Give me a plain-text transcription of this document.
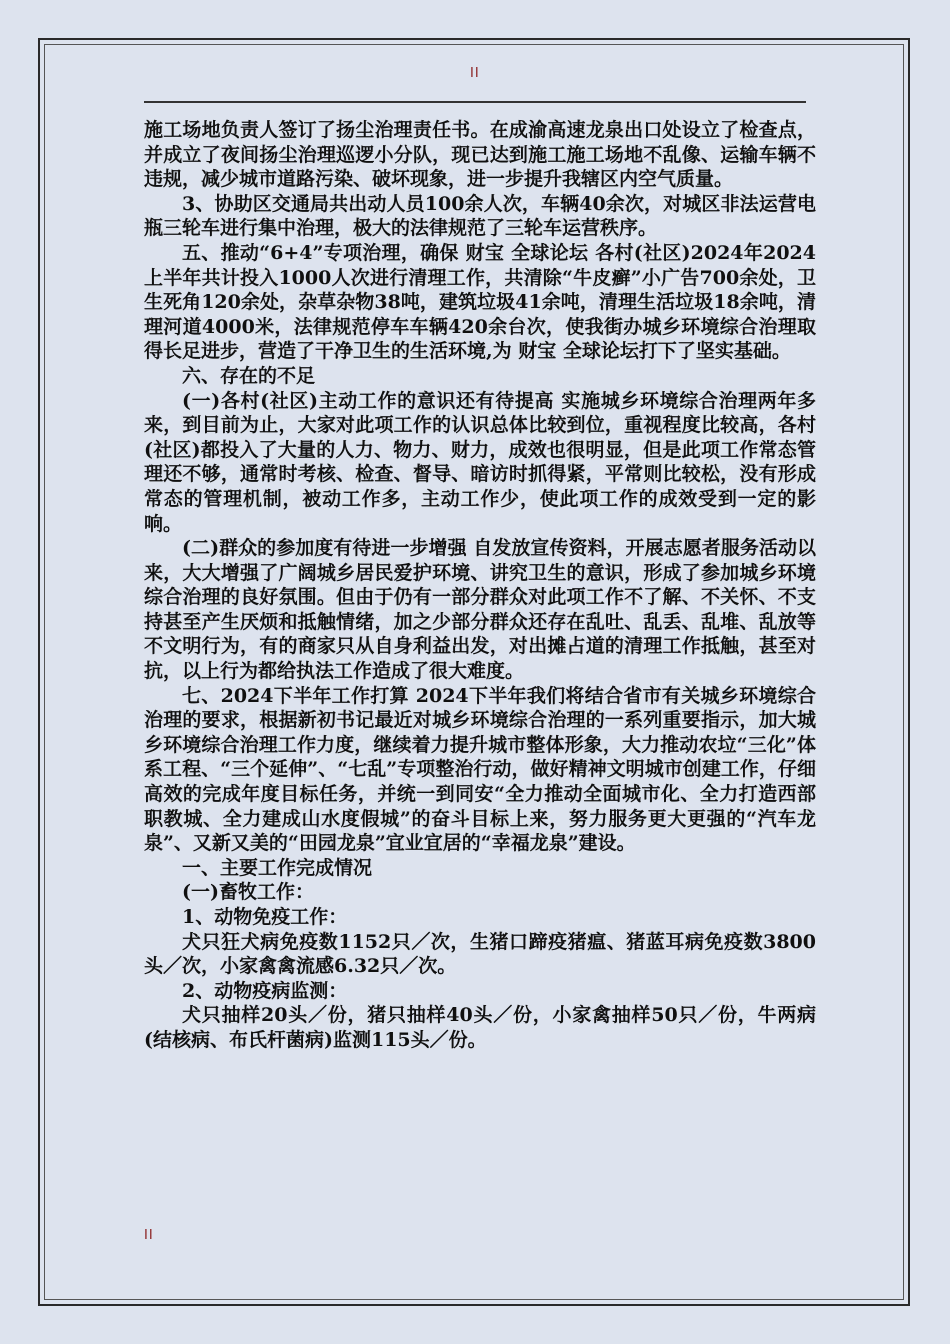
II

施工场地负责人签订了扬尘治理责任书。在成渝高速龙泉出口处设立了检查点，并成立了夜间扬尘治理巡逻小分队，现已达到施工施工场地不乱像、运输车辆不违规，减少城市道路污染、破坏现象，进一步提升我辖区内空气质量。

3、协助区交通局共出动人员100余人次，车辆40余次，对城区非法运营电瓶三轮车进行集中治理，极大的法律规范了三轮车运营秩序。

五、推动“6+4”专项治理，确保 财宝 全球论坛 各村(社区)2024年2024上半年共计投入1000人次进行清理工作，共清除“牛皮癣”小广告700余处，卫生死角120余处，杂草杂物38吨，建筑垃圾41余吨，清理生活垃圾18余吨，清理河道4000米，法律规范停车车辆420余台次，使我街办城乡环境综合治理取得长足进步，营造了干净卫生的生活环境,为 财宝 全球论坛打下了坚实基础。

六、存在的不足

(一)各村(社区)主动工作的意识还有待提高 实施城乡环境综合治理两年多来，到目前为止，大家对此项工作的认识总体比较到位，重视程度比较高，各村(社区)都投入了大量的人力、物力、财力，成效也很明显，但是此项工作常态管理还不够，通常时考核、检查、督导、暗访时抓得紧，平常则比较松，没有形成常态的管理机制，被动工作多，主动工作少，使此项工作的成效受到一定的影响。

(二)群众的参加度有待进一步增强 自发放宣传资料，开展志愿者服务活动以来，大大增强了广阔城乡居民爱护环境、讲究卫生的意识，形成了参加城乡环境综合治理的良好氛围。但由于仍有一部分群众对此项工作不了解、不关怀、不支持甚至产生厌烦和抵触情绪，加之少部分群众还存在乱吐、乱丢、乱堆、乱放等不文明行为，有的商家只从自身利益出发，对出摊占道的清理工作抵触，甚至对抗，以上行为都给执法工作造成了很大难度。

七、2024下半年工作打算 2024下半年我们将结合省市有关城乡环境综合治理的要求，根据新初书记最近对城乡环境综合治理的一系列重要指示，加大城乡环境综合治理工作力度，继续着力提升城市整体形象，大力推动农垃“三化”体系工程、“三个延伸”、“七乱”专项整治行动，做好精神文明城市创建工作，仔细高效的完成年度目标任务，并统一到同安“全力推动全面城市化、全力打造西部职教城、全力建成山水度假城”的奋斗目标上来，努力服务更大更强的“汽车龙泉”、又新又美的“田园龙泉”宜业宜居的“幸福龙泉”建设。

一、主要工作完成情况

(一)畜牧工作：

1、动物免疫工作：

犬只狂犬病免疫数1152只／次，生猪口蹄疫猪瘟、猪蓝耳病免疫数3800头／次，小家禽禽流感6.32只／次。

2、动物疫病监测：

犬只抽样20头／份，猪只抽样40头／份，小家禽抽样50只／份，牛两病(结核病、布氏杆菌病)监测115头／份。

II
